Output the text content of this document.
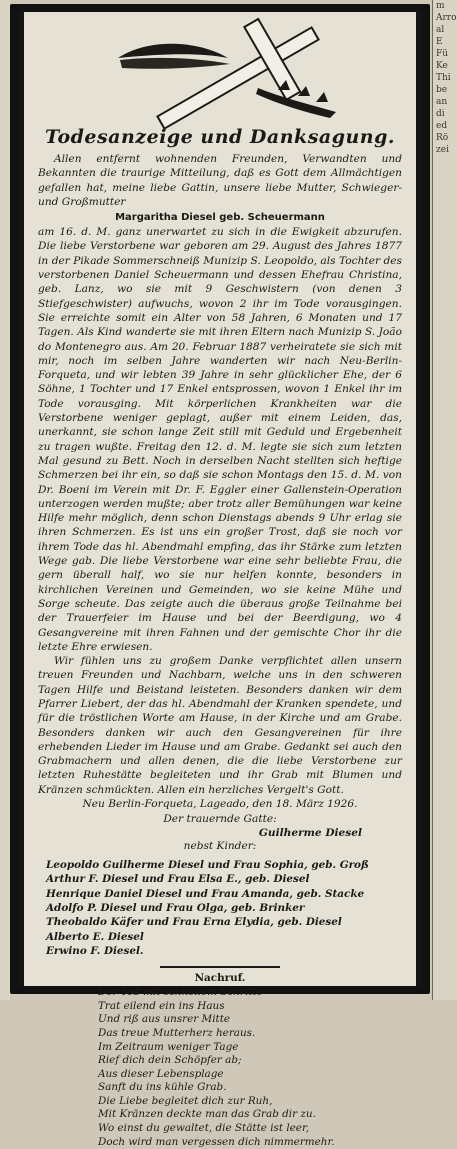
m
Arro
al
E
Fü
Ke
Thi
be
an
di
ed
Rö
zei
Todesanzeige und Danksagung.

Allen entfernt wohnenden Freunden, Verwandten und Bekannten die traurige Mitteilung, daß es Gott dem Allmächtigen gefallen hat, meine liebe Gattin, unsere liebe Mutter, Schwieger- und Großmutter

Margaritha Diesel geb. Scheuermann

am 16. d. M. ganz unerwartet zu sich in die Ewigkeit abzurufen. Die liebe Verstorbene war geboren am 29. August des Jahres 1877 in der Pikade Sommerschneiß Munizip S. Leopoldo, als Tochter des verstorbenen Daniel Scheuermann und dessen Ehefrau Christina, geb. Lanz, wo sie mit 9 Geschwistern (von denen 3 Stiefgeschwister) aufwuchs, wovon 2 ihr im Tode vorausgingen. Sie erreichte somit ein Alter von 58 Jahren, 6 Monaten und 17 Tagen. Als Kind wanderte sie mit ihren Eltern nach Munizip S. João do Montenegro aus. Am 20. Februar 1887 verheiratete sie sich mit mir, noch im selben Jahre wanderten wir nach Neu-Berlin-Forqueta, und wir lebten 39 Jahre in sehr glücklicher Ehe, der 6 Söhne, 1 Tochter und 17 Enkel entsprossen, wovon 1 Enkel ihr im Tode vorausging. Mit körperlichen Krankheiten war die Verstorbene weniger geplagt, außer mit einem Leiden, das, unerkannt, sie schon lange Zeit still mit Geduld und Ergebenheit zu tragen wußte. Freitag den 12. d. M. legte sie sich zum letzten Mal gesund zu Bett. Noch in derselben Nacht stellten sich heftige Schmerzen bei ihr ein, so daß sie schon Montags den 15. d. M. von Dr. Boeni im Verein mit Dr. F. Eggler einer Gallenstein-Operation unterzogen werden mußte; aber trotz aller Bemühungen war keine Hilfe mehr möglich, denn schon Dienstags abends 9 Uhr erlag sie ihren Schmerzen. Es ist uns ein großer Trost, daß sie noch vor ihrem Tode das hl. Abendmahl empfing, das ihr Stärke zum letzten Wege gab. Die liebe Verstorbene war eine sehr beliebte Frau, die gern überall half, wo sie nur helfen konnte, besonders in kirchlichen Vereinen und Gemeinden, wo sie keine Mühe und Sorge scheute. Das zeigte auch die überaus große Teilnahme bei der Trauerfeier im Hause und bei der Beerdigung, wo 4 Gesangvereine mit ihren Fahnen und der gemischte Chor ihr die letzte Ehre erwiesen.

Wir fühlen uns zu großem Danke verpflichtet allen unsern treuen Freunden und Nachbarn, welche uns in den schweren Tagen Hilfe und Beistand leisteten. Besonders danken wir dem Pfarrer Liebert, der das hl. Abendmahl der Kranken spendete, und für die tröstlichen Worte am Hause, in der Kirche und am Grabe. Besonders danken wir auch den Gesangvereinen für ihre erhebenden Lieder im Hause und am Grabe. Gedankt sei auch den Grabmachern und allen denen, die die liebe Verstorbene zur letzten Ruhestätte begleiteten und ihr Grab mit Blumen und Kränzen schmückten. Allen ein herzliches Vergelt's Gott.

Neu Berlin-Forqueta, Lageado, den 18. März 1926.
Der trauernde Gatte:
Guilherme Diesel
nebst Kinder:
Leopoldo Guilherme Diesel und Frau Sophia, geb. Groß
Arthur F. Diesel und Frau Elsa E., geb. Diesel
Henrique Daniel Diesel und Frau Amanda, geb. Stacke
Adolfo P. Diesel und Frau Olga, geb. Brinker
Theobaldo Käfer und Frau Erna Elydia, geb. Diesel
Alberto E. Diesel
Erwino F. Diesel.
Nachruf.
Der Tod mit schnellem Schritte
Trat eilend ein ins Haus
Und riß aus unsrer Mitte
Das treue Mutterherz heraus.
Im Zeitraum weniger Tage
Rief dich dein Schöpfer ab;
Aus dieser Lebensplage
Sanft du ins kühle Grab.
Die Liebe begleitet dich zur Ruh,
Mit Kränzen deckte man das Grab dir zu.
Wo einst du gewaltet, die Stätte ist leer,
Doch wird man vergessen dich nimmermehr.
